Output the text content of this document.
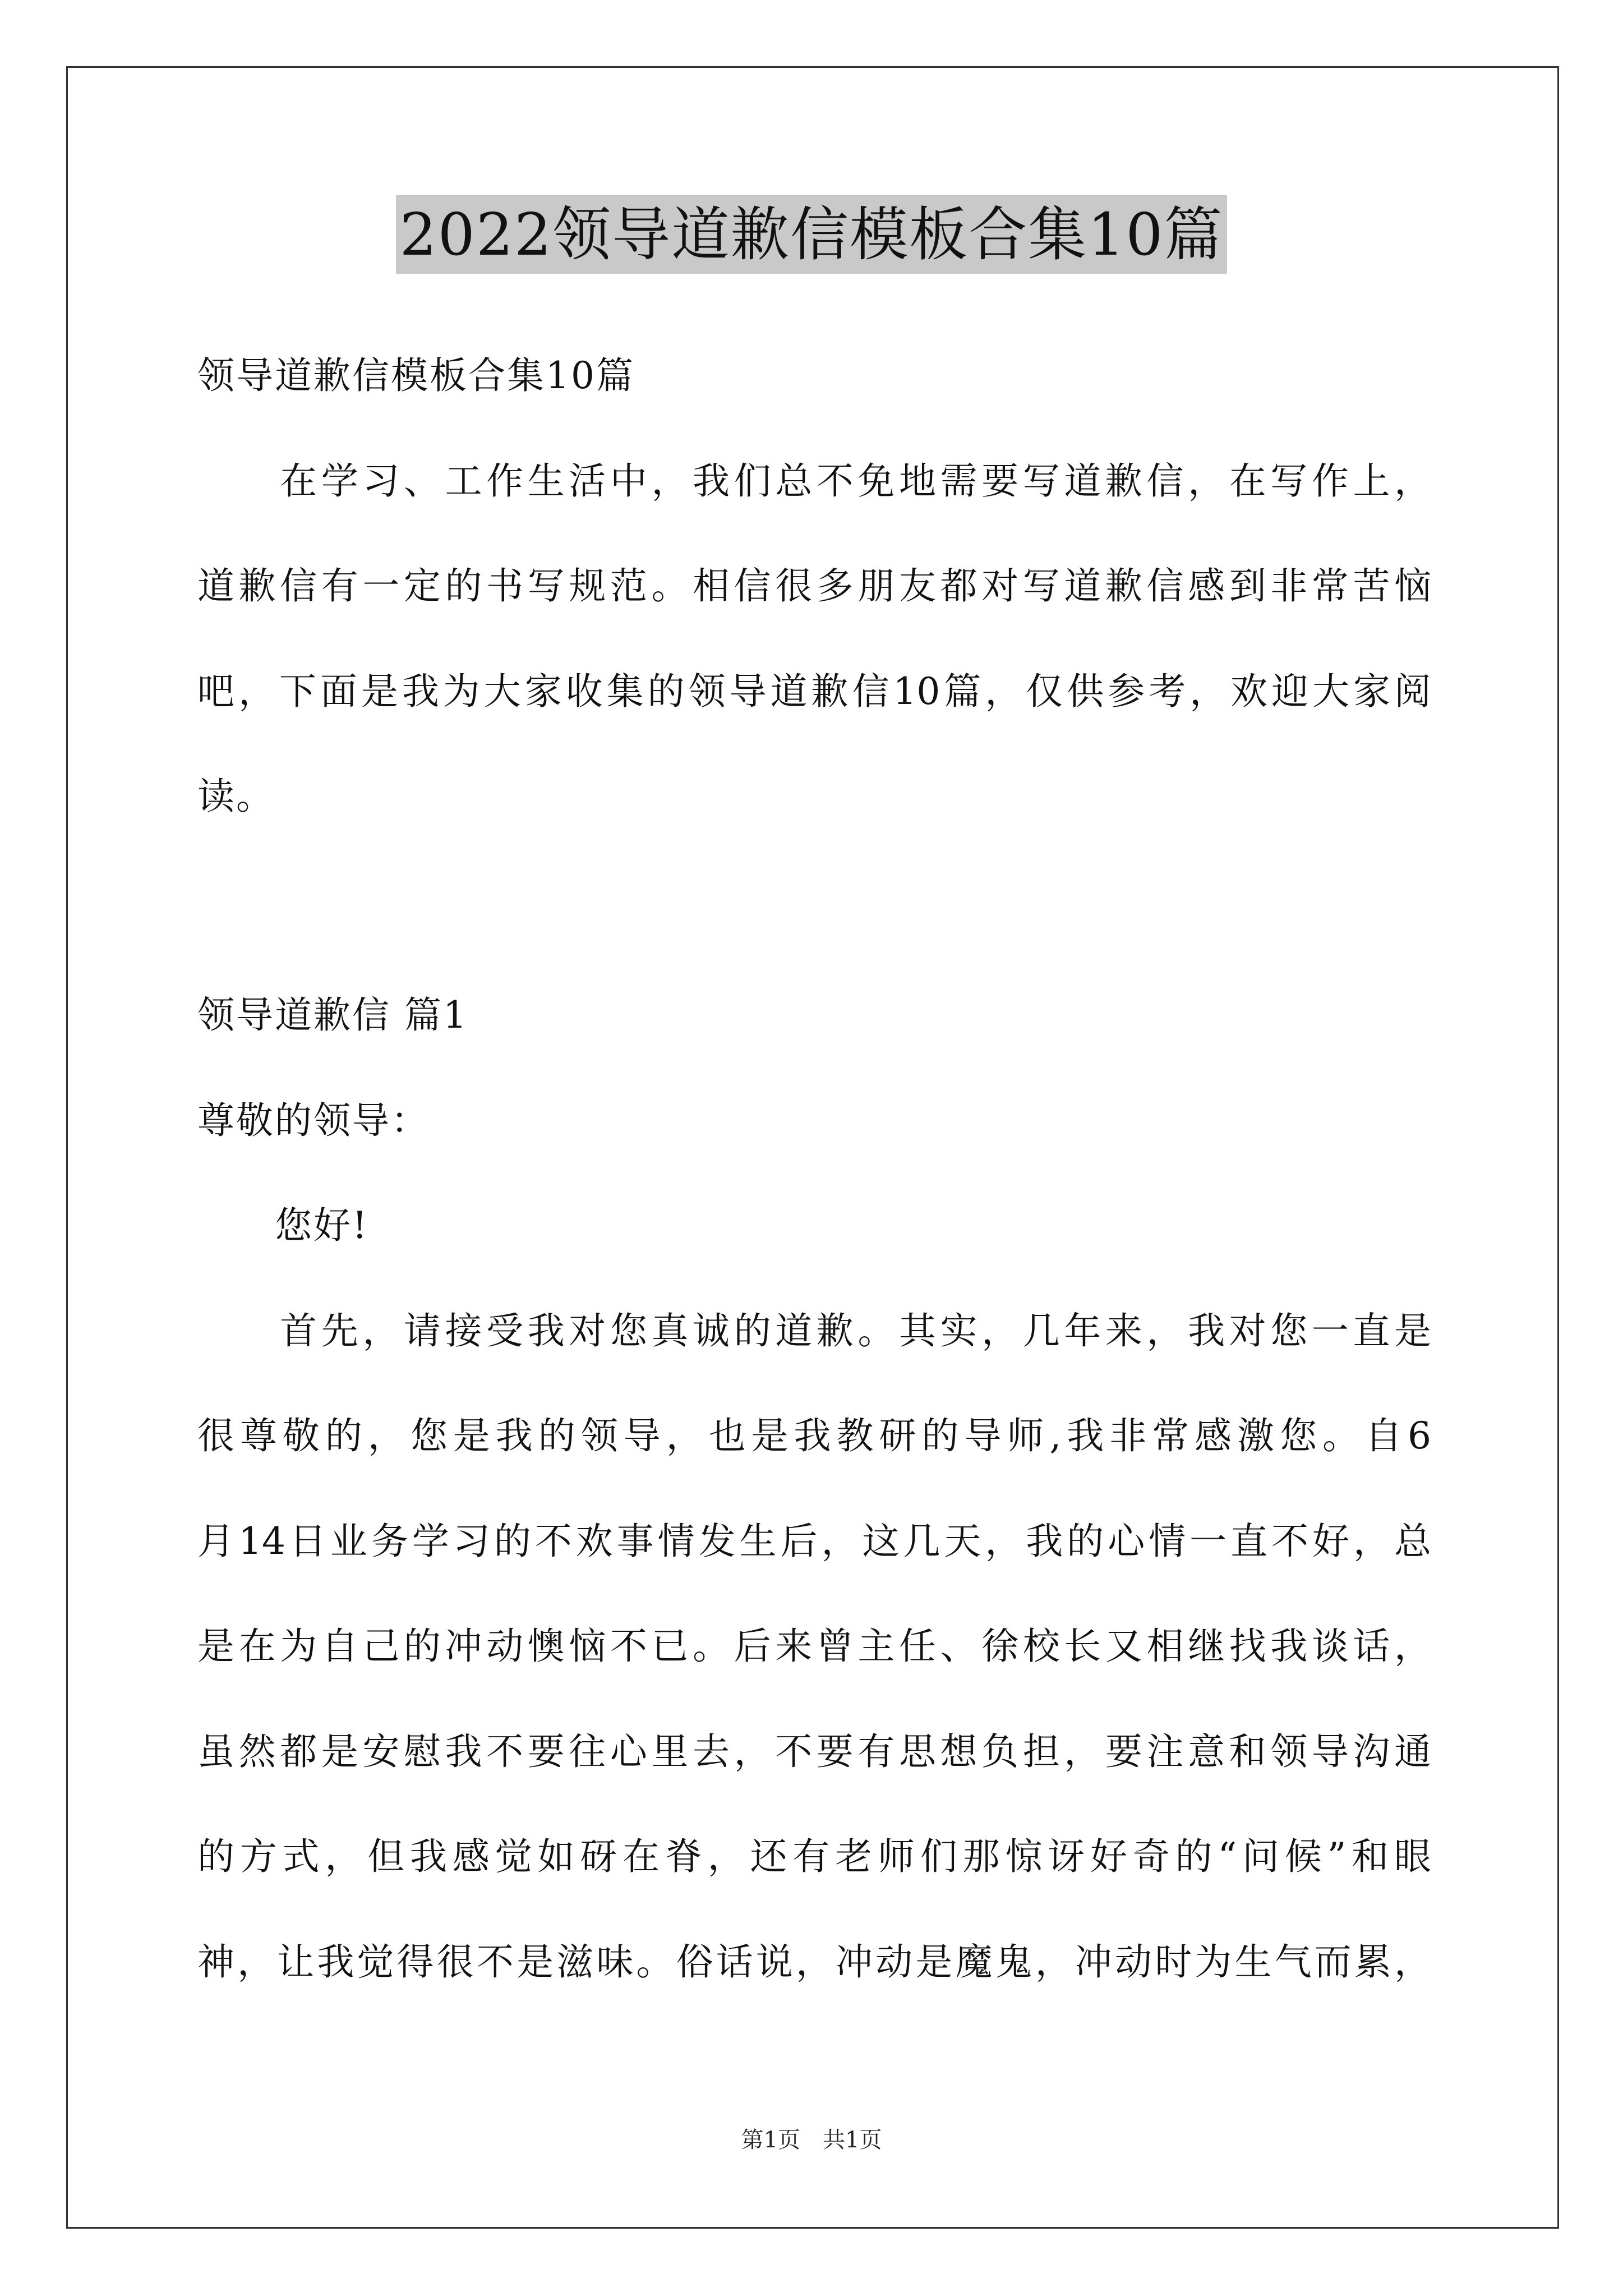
2022领导道歉信模板合集10篇
领导道歉信模板合集10篇
　　在学习、工作生活中，我们总不免地需要写道歉信，在写作上，
道歉信有一定的书写规范。相信很多朋友都对写道歉信感到非常苦恼
吧，下面是我为大家收集的领导道歉信10篇，仅供参考，欢迎大家阅
读。
领导道歉信 篇1
尊敬的领导：
　　您好!
　　首先，请接受我对您真诚的道歉。其实，几年来，我对您一直是
很尊敬的，您是我的领导，也是我教研的导师,我非常感激您。自6
月14日业务学习的不欢事情发生后，这几天，我的心情一直不好，总
是在为自己的冲动懊恼不已。后来曾主任、徐校长又相继找我谈话，
虽然都是安慰我不要往心里去，不要有思想负担，要注意和领导沟通
的方式，但我感觉如砑在脊，还有老师们那惊讶好奇的“问候”和眼
神，让我觉得很不是滋味。俗话说，冲动是魔鬼，冲动时为生气而累，
第1页　共1页
